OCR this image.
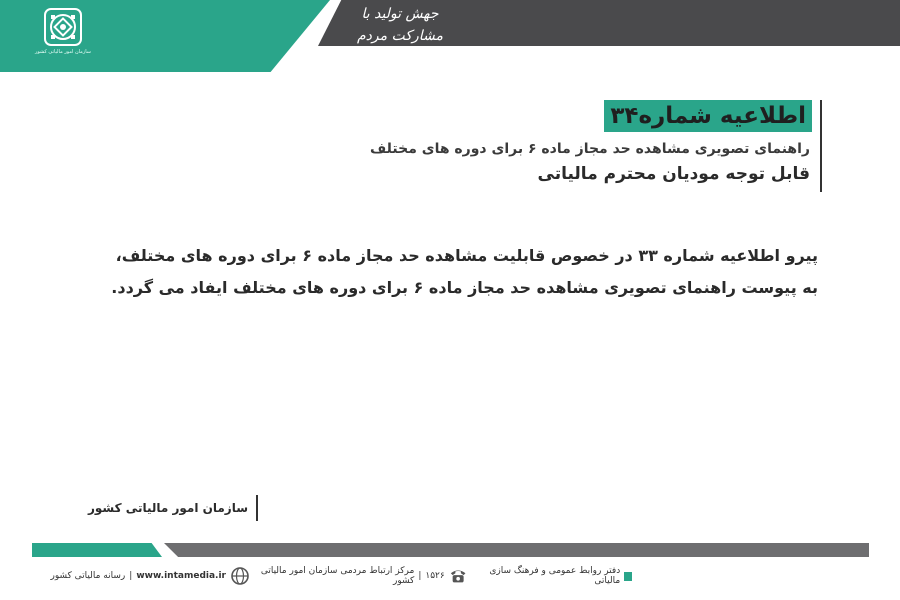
سازمان امور مالیاتی کشور
جهش تولید با مشارکت مردم
اطلاعیه شماره۳۴
راهنمای تصویری مشاهده حد مجاز ماده ۶ برای دوره های مختلف
قابل توجه مودیان محترم مالیاتی
پیرو اطلاعیه شماره ۳۳ در خصوص قابلیت مشاهده حد مجاز ماده ۶ برای دوره های مختلف، به پیوست راهنمای تصویری مشاهده حد مجاز ماده ۶ برای دوره های مختلف ایفاد می گردد.
سازمان امور مالیاتی کشور
دفتر روابط عمومی و فرهنگ سازی مالیاتی
۱۵۲۶
|
مرکز ارتباط مردمی سازمان امور مالیاتی کشور
www.intamedia.ir
|
رسانه مالیاتی کشور
